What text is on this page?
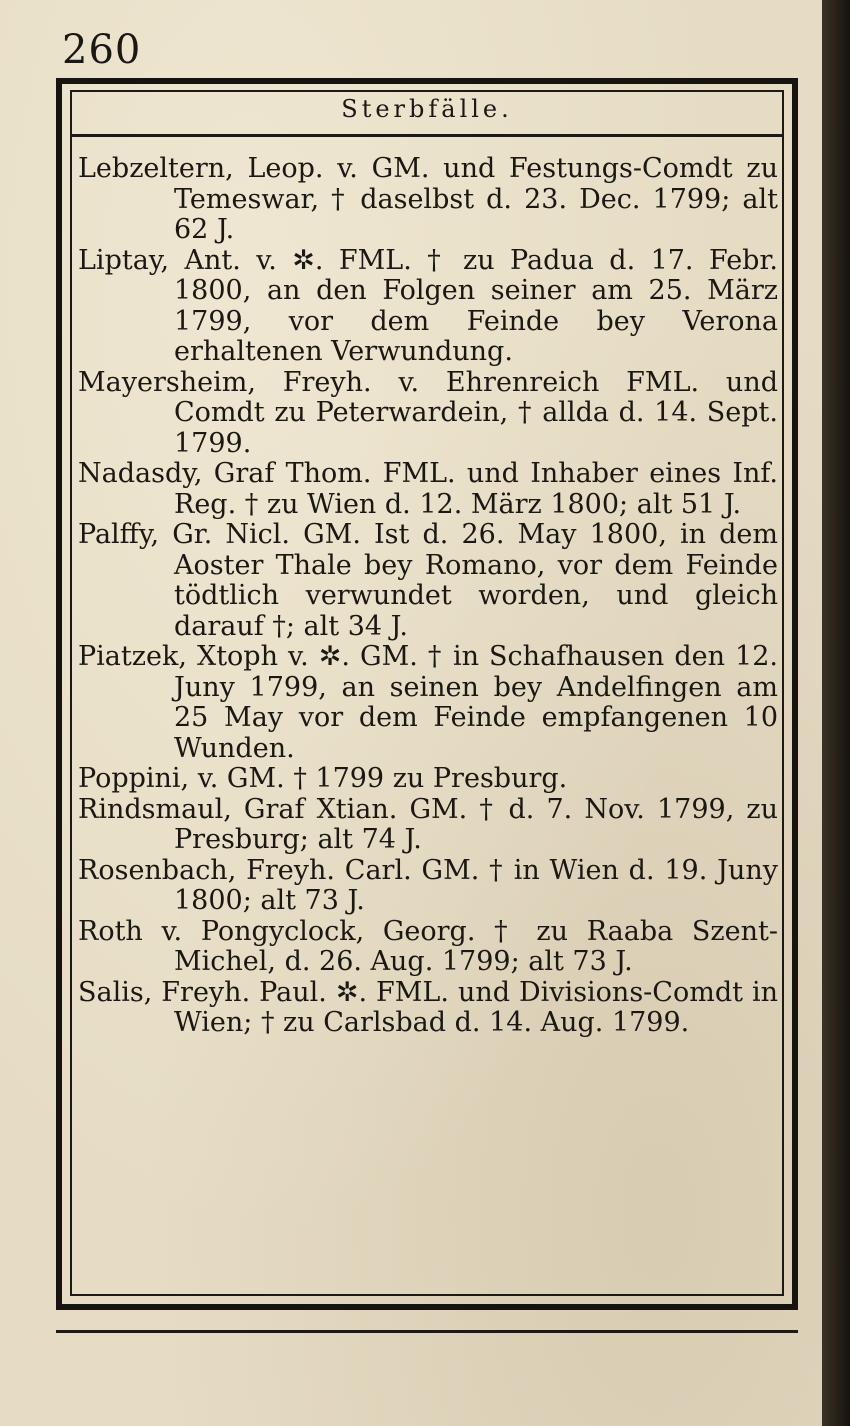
260
Sterbfälle.

Lebzeltern, Leop. v. GM. und Festungs-Comdt zu Temeswar, † daselbst d. 23. Dec. 1799; alt 62 J.

Liptay, Ant. v. ✲. FML. † zu Padua d. 17. Febr. 1800, an den Folgen seiner am 25. März 1799, vor dem Feinde bey Verona erhaltenen Verwundung.

Mayersheim, Freyh. v. Ehrenreich FML. und Comdt zu Peterwardein, † allda d. 14. Sept. 1799.

Nadasdy, Graf Thom. FML. und Inhaber eines Inf. Reg. † zu Wien d. 12. März 1800; alt 51 J.

Palffy, Gr. Nicl. GM. Ist d. 26. May 1800, in dem Aoster Thale bey Romano, vor dem Feinde tödtlich verwundet worden, und gleich darauf †; alt 34 J.

Piatzek, Xtoph v. ✲. GM. † in Schafhausen den 12. Juny 1799, an seinen bey Andelfingen am 25 May vor dem Feinde empfangenen 10 Wunden.

Poppini, v. GM. † 1799 zu Presburg.

Rindsmaul, Graf Xtian. GM. † d. 7. Nov. 1799, zu Presburg; alt 74 J.

Rosenbach, Freyh. Carl. GM. † in Wien d. 19. Juny 1800; alt 73 J.

Roth v. Pongyclock, Georg. † zu Raaba Szent-Michel, d. 26. Aug. 1799; alt 73 J.

Salis, Freyh. Paul. ✲. FML. und Divisions-Comdt in Wien; † zu Carlsbad d. 14. Aug. 1799.
